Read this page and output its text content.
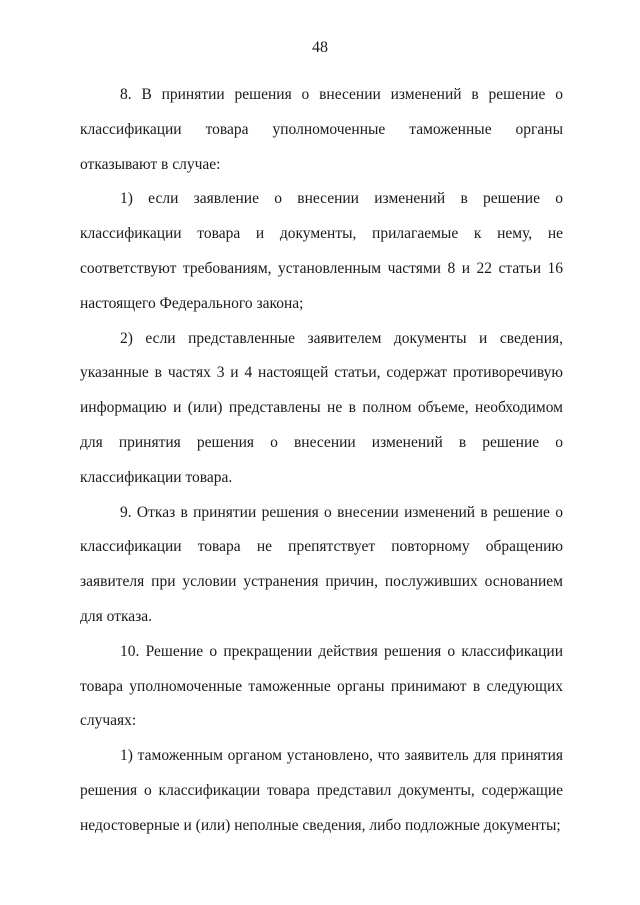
48

8. В принятии решения о внесении изменений в решение о классификации товара уполномоченные таможенные органы отказывают в случае:

1) если заявление о внесении изменений в решение о классификации товара и документы, прилагаемые к нему, не соответствуют требованиям, установленным частями 8 и 22 статьи 16 настоящего Федерального закона;

2) если представленные заявителем документы и сведения, указанные в частях 3 и 4 настоящей статьи, содержат противоречивую информацию и (или) представлены не в полном объеме, необходимом для принятия решения о внесении изменений в решение о классификации товара.

9. Отказ в принятии решения о внесении изменений в решение о классификации товара не препятствует повторному обращению заявителя при условии устранения причин, послуживших основанием для отказа.

10. Решение о прекращении действия решения о классификации товара уполномоченные таможенные органы принимают в следующих случаях:

1) таможенным органом установлено, что заявитель для принятия решения о классификации товара представил документы, содержащие недостоверные и (или) неполные сведения, либо подложные документы;
